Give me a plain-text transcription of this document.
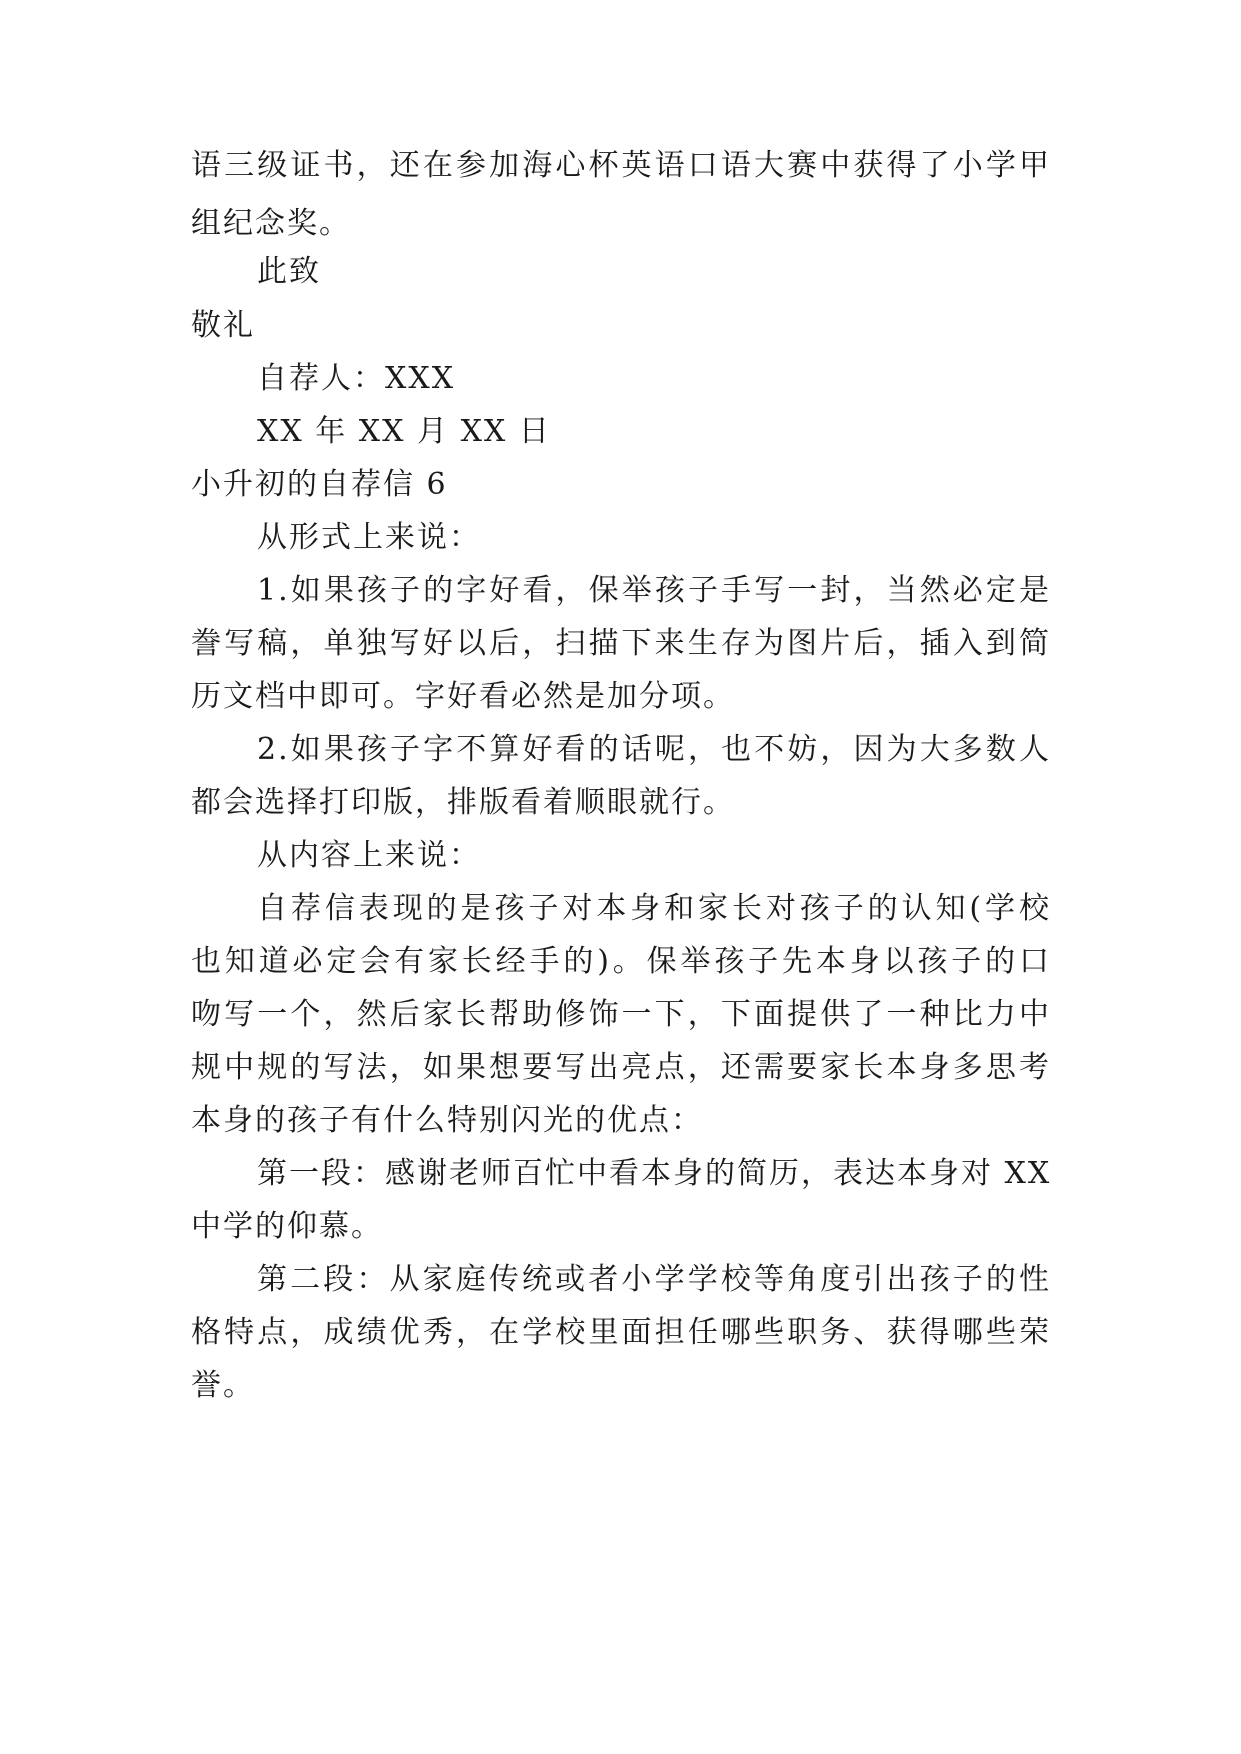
语三级证书，还在参加海心杯英语口语大赛中获得了小学甲
组纪念奖。
此致
敬礼
自荐人：XXX
XX 年 XX 月 XX 日
小升初的自荐信 6
从形式上来说：
1.如果孩子的字好看，保举孩子手写一封，当然必定是
誊写稿，单独写好以后，扫描下来生存为图片后，插入到简
历文档中即可。字好看必然是加分项。
2.如果孩子字不算好看的话呢，也不妨，因为大多数人
都会选择打印版，排版看着顺眼就行。
从内容上来说：
自荐信表现的是孩子对本身和家长对孩子的认知(学校
也知道必定会有家长经手的)。保举孩子先本身以孩子的口
吻写一个，然后家长帮助修饰一下，下面提供了一种比力中
规中规的写法，如果想要写出亮点，还需要家长本身多思考
本身的孩子有什么特别闪光的优点：
第一段：感谢老师百忙中看本身的简历，表达本身对 XX
中学的仰慕。
第二段：从家庭传统或者小学学校等角度引出孩子的性
格特点，成绩优秀，在学校里面担任哪些职务、获得哪些荣
誉。
